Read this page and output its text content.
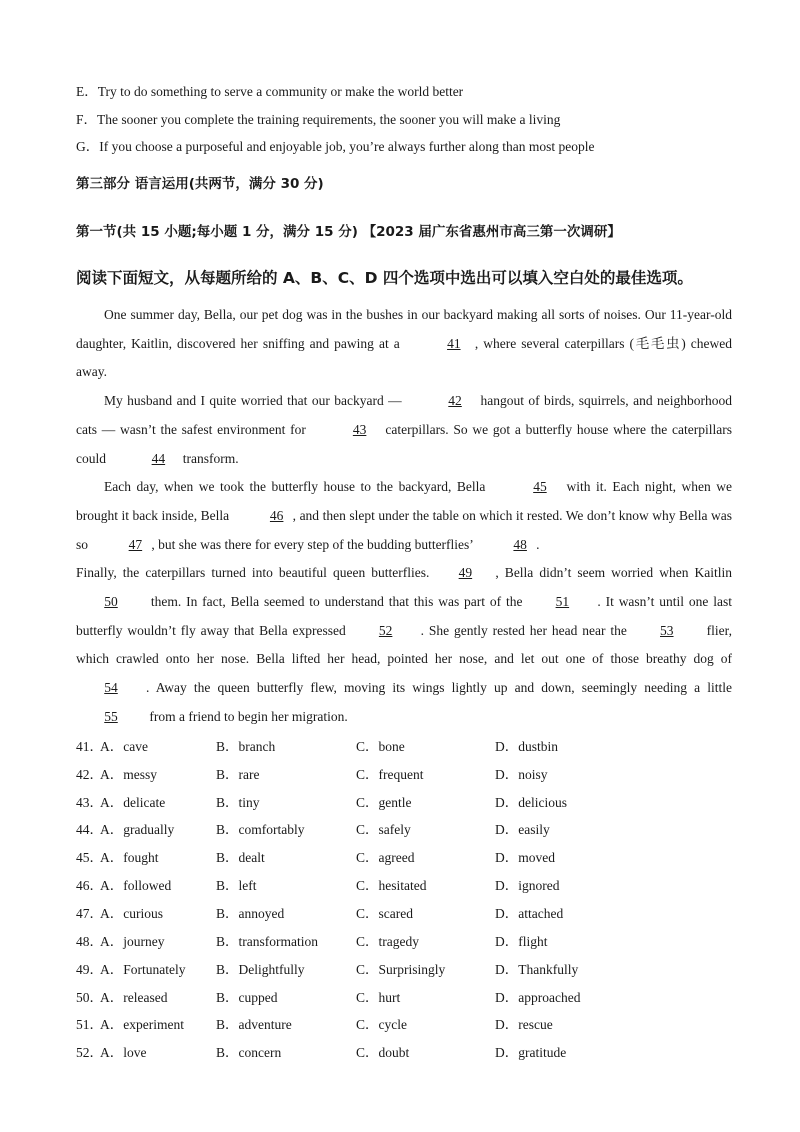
E．Try to do something to serve a community or make the world better
F．The sooner you complete the training requirements, the sooner you will make a living
G．If you choose a purposeful and enjoyable job, you’re always further along than most people
第三部分 语言运用(共两节，满分 30 分)
第一节(共 15 小题;每小题 1 分，满分 15 分) 【2023 届广东省惠州市高三第一次调研】
阅读下面短文，从每题所给的 A、B、C、D 四个选项中选出可以填入空白处的最佳选项。

One summer day, Bella, our pet dog was in the bushes in our backyard making all sorts of noises. Our 11-year-old daughter, Kaitlin, discovered her sniffing and pawing at a	41 , where several caterpillars (毛毛虫) chewed away.

My husband and I quite worried that our backyard —	42 hangout of birds, squirrels, and neighborhood cats — wasn’t the safest environment for	43 caterpillars. So we got a butterfly house where the caterpillars could	44 transform.

Each day, when we took the butterfly house to the backyard, Bella	45 with it. Each night, when we brought it back inside, Bella	46 , and then slept under the table on which it rested. We don’t know why Bella was so	47 , but she was there for every step of the budding butterflies’	48 .

Finally, the caterpillars turned into beautiful queen butterflies. 49 , Bella didn’t seem worried when Kaitlin 50 them. In fact, Bella seemed to understand that this was part of the 51 . It wasn’t until one last butterfly wouldn’t fly away that Bella expressed 52 . She gently rested her head near the 53 flier, which crawled onto her nose. Bella lifted her head, pointed her nose, and let out one of those breathy dog of 54 . Away the queen butterfly flew, moving its wings lightly up and down, seemingly needing a little 55 from a friend to begin her migration.

41．
A．cave	B．branch	C．bone	D．dustbin
42．
A．messy	B．rare	C．frequent	D．noisy
43．
A．delicate	B．tiny	C．gentle	D．delicious
44．
A．gradually	B．comfortably	C．safely	D．easily
45．
A．fought	B．dealt	C．agreed	D．moved
46．
A．followed	B．left	C．hesitated	D．ignored
47．
A．curious	B．annoyed	C．scared	D．attached
48．
A．journey	B．transformation	C．tragedy	D．flight
49．
A．Fortunately B．Delightfully	C．Surprisingly	D．Thankfully
50．
A．released	B．cupped	C．hurt	D．approached
51．
A．experiment B．adventure	C．cycle	D．rescue
52．
A．love	B．concern	C．doubt	D．gratitude
